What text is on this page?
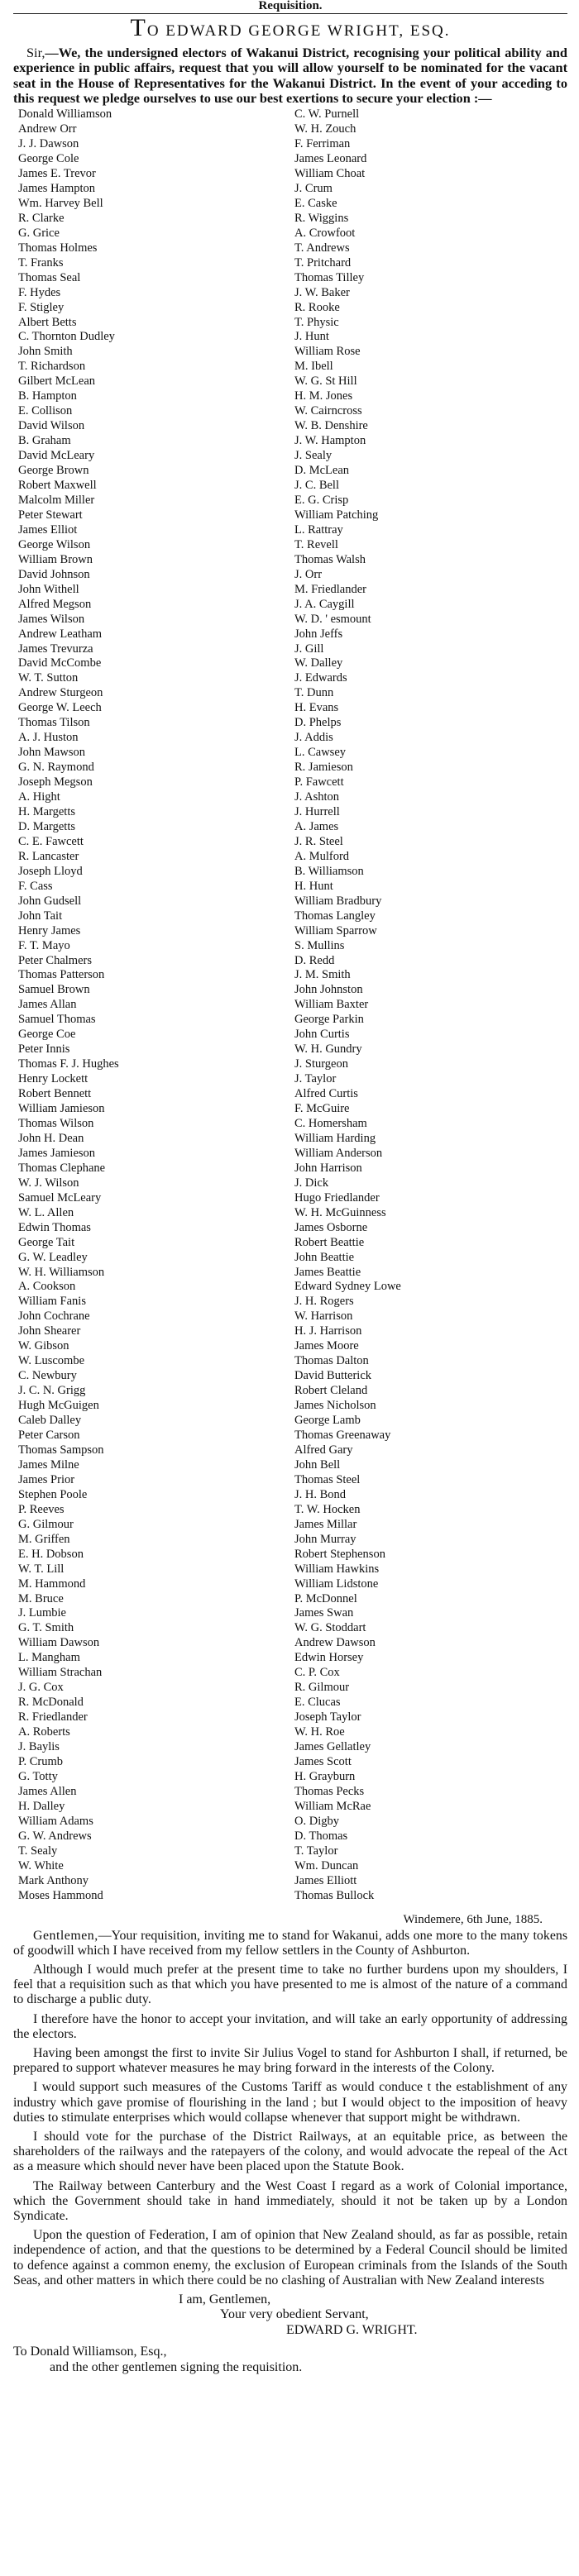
Requisition.
TO EDWARD GEORGE WRIGHT, ESQ.

Sir,—We, the undersigned electors of Wakanui District, recognising your political ability and experience in public affairs, request that you will allow yourself to be nominated for the vacant seat in the House of Representatives for the Wakanui District. In the event of your acceding to this request we pledge ourselves to use our best exertions to secure your election :—

Donald Williamson
Andrew Orr
J. J. Dawson
George Cole
James E. Trevor
James Hampton
Wm. Harvey Bell
R. Clarke
G. Grice
Thomas Holmes
T. Franks
Thomas Seal
F. Hydes
F. Stigley
Albert Betts
C. Thornton Dudley
John Smith
T. Richardson
Gilbert McLean
B. Hampton
E. Collison
David Wilson
B. Graham
David McLeary
George Brown
Robert Maxwell
Malcolm Miller
Peter Stewart
James Elliot
George Wilson
William Brown
David Johnson
John Withell
Alfred Megson
James Wilson
Andrew Leatham
James Trevurza
David McCombe
W. T. Sutton
Andrew Sturgeon
George W. Leech
Thomas Tilson
A. J. Huston
John Mawson
G. N. Raymond
Joseph Megson
A. Hight
H. Margetts
D. Margetts
C. E. Fawcett
R. Lancaster
Joseph Lloyd
F. Cass
John Gudsell
John Tait
Henry James
F. T. Mayo
Peter Chalmers
Thomas Patterson
Samuel Brown
James Allan
Samuel Thomas
George Coe
Peter Innis
Thomas F. J. Hughes
Henry Lockett
Robert Bennett
William Jamieson
Thomas Wilson
John H. Dean
James Jamieson
Thomas Clephane
W. J. Wilson
Samuel McLeary
W. L. Allen
Edwin Thomas
George Tait
G. W. Leadley
W. H. Williamson
A. Cookson
William Fanis
John Cochrane
John Shearer
W. Gibson
W. Luscombe
C. Newbury
J. C. N. Grigg
Hugh McGuigen
Caleb Dalley
Peter Carson
Thomas Sampson
James Milne
James Prior
Stephen Poole
P. Reeves
G. Gilmour
M. Griffen
E. H. Dobson
W. T. Lill
M. Hammond
M. Bruce
J. Lumbie
G. T. Smith
William Dawson
L. Mangham
William Strachan
J. G. Cox
R. McDonald
R. Friedlander
A. Roberts
J. Baylis
P. Crumb
G. Totty
James Allen
H. Dalley
William Adams
G. W. Andrews
T. Sealy
W. White
Mark Anthony
Moses Hammond
C. W. Purnell
W. H. Zouch
F. Ferriman
James Leonard
William Choat
J. Crum
E. Caske
R. Wiggins
A. Crowfoot
T. Andrews
T. Pritchard
Thomas Tilley
J. W. Baker
R. Rooke
T. Physic
J. Hunt
William Rose
M. Ibell
W. G. St Hill
H. M. Jones
W. Cairncross
W. B. Denshire
J. W. Hampton
J. Sealy
D. McLean
J. C. Bell
E. G. Crisp
William Patching
L. Rattray
T. Revell
Thomas Walsh
J. Orr
M. Friedlander
J. A. Caygill
W. D. ' esmount
John Jeffs
J. Gill
W. Dalley
J. Edwards
T. Dunn
H. Evans
D. Phelps
J. Addis
L. Cawsey
R. Jamieson
P. Fawcett
J. Ashton
J. Hurrell
A. James
J. R. Steel
A. Mulford
B. Williamson
H. Hunt
William Bradbury
Thomas Langley
William Sparrow
S. Mullins
D. Redd
J. M. Smith
John Johnston
William Baxter
George Parkin
John Curtis
W. H. Gundry
J. Sturgeon
J. Taylor
Alfred Curtis
F. McGuire
C. Homersham
William Harding
William Anderson
John Harrison
J. Dick
Hugo Friedlander
W. H. McGuinness
James Osborne
Robert Beattie
John Beattie
James Beattie
Edward Sydney Lowe
J. H. Rogers
W. Harrison
H. J. Harrison
James Moore
Thomas Dalton
David Butterick
Robert Cleland
James Nicholson
George Lamb
Thomas Greenaway
Alfred Gary
John Bell
Thomas Steel
J. H. Bond
T. W. Hocken
James Millar
John Murray
Robert Stephenson
William Hawkins
William Lidstone
P. McDonnel
James Swan
W. G. Stoddart
Andrew Dawson
Edwin Horsey
C. P. Cox
R. Gilmour
E. Clucas
Joseph Taylor
W. H. Roe
James Gellatley
James Scott
H. Grayburn
Thomas Pecks
William McRae
O. Digby
D. Thomas
T. Taylor
Wm. Duncan
James Elliott
Thomas Bullock
Windemere, 6th June, 1885.

Gentlemen,—Your requisition, inviting me to stand for Wakanui, adds one more to the many tokens of goodwill which I have received from my fellow settlers in the County of Ashburton.

Although I would much prefer at the present time to take no further burdens upon my shoulders, I feel that a requisition such as that which you have presented to me is almost of the nature of a command to discharge a public duty.

I therefore have the honor to accept your invitation, and will take an early opportunity of addressing the electors.

Having been amongst the first to invite Sir Julius Vogel to stand for Ashburton I shall, if returned, be prepared to support whatever measures he may bring forward in the interests of the Colony.

I would support such measures of the Customs Tariff as would conduce t the establishment of any industry which gave promise of flourishing in the land ; but I would object to the imposition of heavy duties to stimulate enterprises which would collapse whenever that support might be withdrawn.

I should vote for the purchase of the District Railways, at an equitable price, as between the shareholders of the railways and the ratepayers of the colony, and would advocate the repeal of the Act as a measure which should never have been placed upon the Statute Book.

The Railway between Canterbury and the West Coast I regard as a work of Colonial importance, which the Government should take in hand immediately, should it not be taken up by a London Syndicate.

Upon the question of Federation, I am of opinion that New Zealand should, as far as possible, retain independence of action, and that the questions to be determined by a Federal Council should be limited to defence against a common enemy, the exclusion of European criminals from the Islands of the South Seas, and other matters in which there could be no clashing of Australian with New Zealand interests

I am, Gentlemen,
Your very obedient Servant,
EDWARD G. WRIGHT.
To Donald Williamson, Esq.,
and the other gentlemen signing the requisition.
